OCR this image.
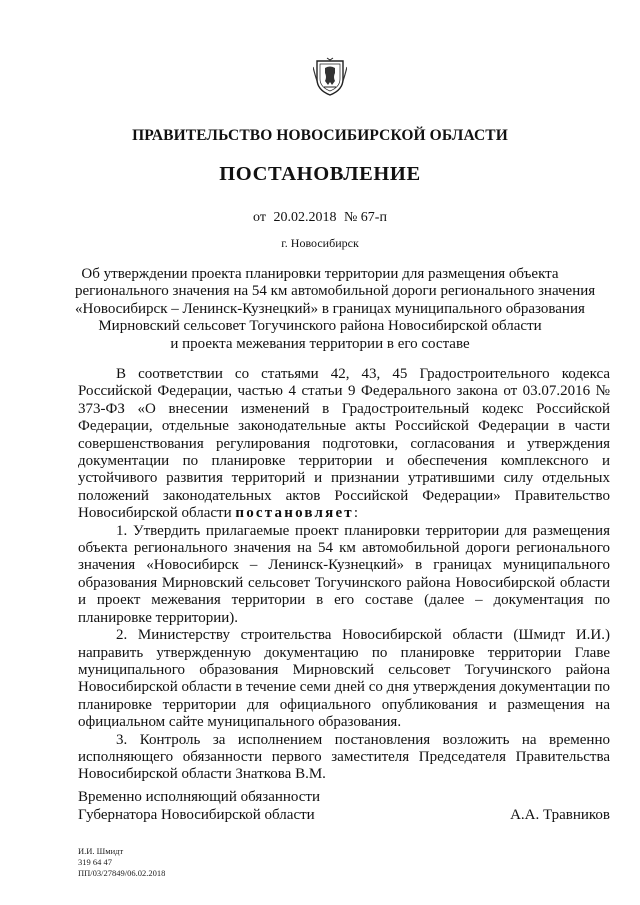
ПРАВИТЕЛЬСТВО НОВОСИБИРСКОЙ ОБЛАСТИ
ПОСТАНОВЛЕНИЕ
от 20.02.2018 № 67-п
г. Новосибирск
Об утверждении проекта планировки территории для размещения объекта
регионального значения на 54 км автомобильной дороги регионального значения
«Новосибирск – Ленинск-Кузнецкий» в границах муниципального образования
Мирновский сельсовет Тогучинского района Новосибирской области
и проекта межевания территории в его составе

В соответствии со статьями 42, 43, 45 Градостроительного кодекса Российской Федерации, частью 4 статьи 9 Федерального закона от 03.07.2016 № 373-ФЗ «О внесении изменений в Градостроительный кодекс Российской Федерации, отдельные законодательные акты Российской Федерации в части совершенствования регулирования подготовки, согласования и утверждения документации по планировке территории и обеспечения комплексного и устойчивого развития территорий и признании утратившими силу отдельных положений законодательных актов Российской Федерации» Правительство Новосибирской области постановляет:

1. Утвердить прилагаемые проект планировки территории для размещения объекта регионального значения на 54 км автомобильной дороги регионального значения «Новосибирск – Ленинск-Кузнецкий» в границах муниципального образования Мирновский сельсовет Тогучинского района Новосибирской области и проект межевания территории в его составе (далее – документация по планировке территории).

2. Министерству строительства Новосибирской области (Шмидт И.И.) направить утвержденную документацию по планировке территории Главе муниципального образования Мирновский сельсовет Тогучинского района Новосибирской области в течение семи дней со дня утверждения документации по планировке территории для официального опубликования и размещения на официальном сайте муниципального образования.

3. Контроль за исполнением постановления возложить на временно исполняющего обязанности первого заместителя Председателя Правительства Новосибирской области Знаткова В.М.

Временно исполняющий обязанности
Губернатора Новосибирской области	А.А. Травников
И.И. Шмидт
319 64 47
ПП/03/27849/06.02.2018
